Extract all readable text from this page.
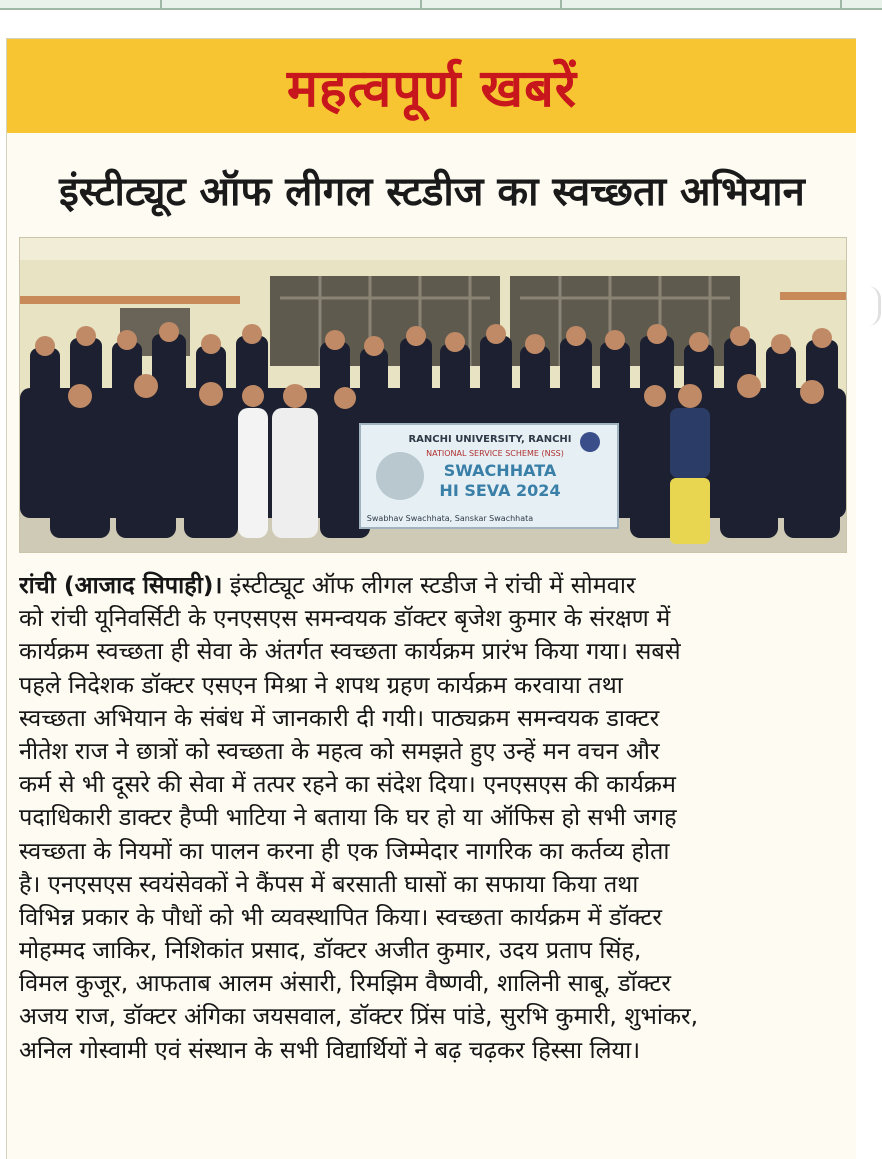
महत्वपूर्ण खबरें
इंस्टीट्यूट ऑफ लीगल स्टडीज का स्वच्छता अभियान
RANCHI UNIVERSITY, RANCHI
NATIONAL SERVICE SCHEME (NSS)
SWACHHATA
HI SEVA 2024
Swabhav Swachhata, Sanskar Swachhata
रांची (आजाद सिपाही)। इंस्टीट्यूट ऑफ लीगल स्टडीज ने रांची में सोमवार
को रांची यूनिवर्सिटी के एनएसएस समन्वयक डॉक्टर बृजेश कुमार के संरक्षण में
कार्यक्रम स्वच्छता ही सेवा के अंतर्गत स्वच्छता कार्यक्रम प्रारंभ किया गया। सबसे
पहले निदेशक डॉक्टर एसएन मिश्रा ने शपथ ग्रहण कार्यक्रम करवाया तथा
स्वच्छता अभियान के संबंध में जानकारी दी गयी। पाठ्यक्रम समन्वयक डाक्टर
नीतेश राज ने छात्रों को स्वच्छता के महत्व को समझते हुए उन्हें मन वचन और
कर्म से भी दूसरे की सेवा में तत्पर रहने का संदेश दिया। एनएसएस की कार्यक्रम
पदाधिकारी डाक्टर हैप्पी भाटिया ने बताया कि घर हो या ऑफिस हो सभी जगह
स्वच्छता के नियमों का पालन करना ही एक जिम्मेदार नागरिक का कर्तव्य होता
है। एनएसएस स्वयंसेवकों ने कैंपस में बरसाती घासों का सफाया किया तथा
विभिन्न प्रकार के पौधों को भी व्यवस्थापित किया। स्वच्छता कार्यक्रम में डॉक्टर
मोहम्मद जाकिर, निशिकांत प्रसाद, डॉक्टर अजीत कुमार, उदय प्रताप सिंह,
विमल कुजूर, आफताब आलम अंसारी, रिमझिम वैष्णवी, शालिनी साबू, डॉक्टर
अजय राज, डॉक्टर अंगिका जयसवाल, डॉक्टर प्रिंस पांडे, सुरभि कुमारी, शुभांकर,
अनिल गोस्वामी एवं संस्थान के सभी विद्यार्थियों ने बढ़ चढ़कर हिस्सा लिया।
